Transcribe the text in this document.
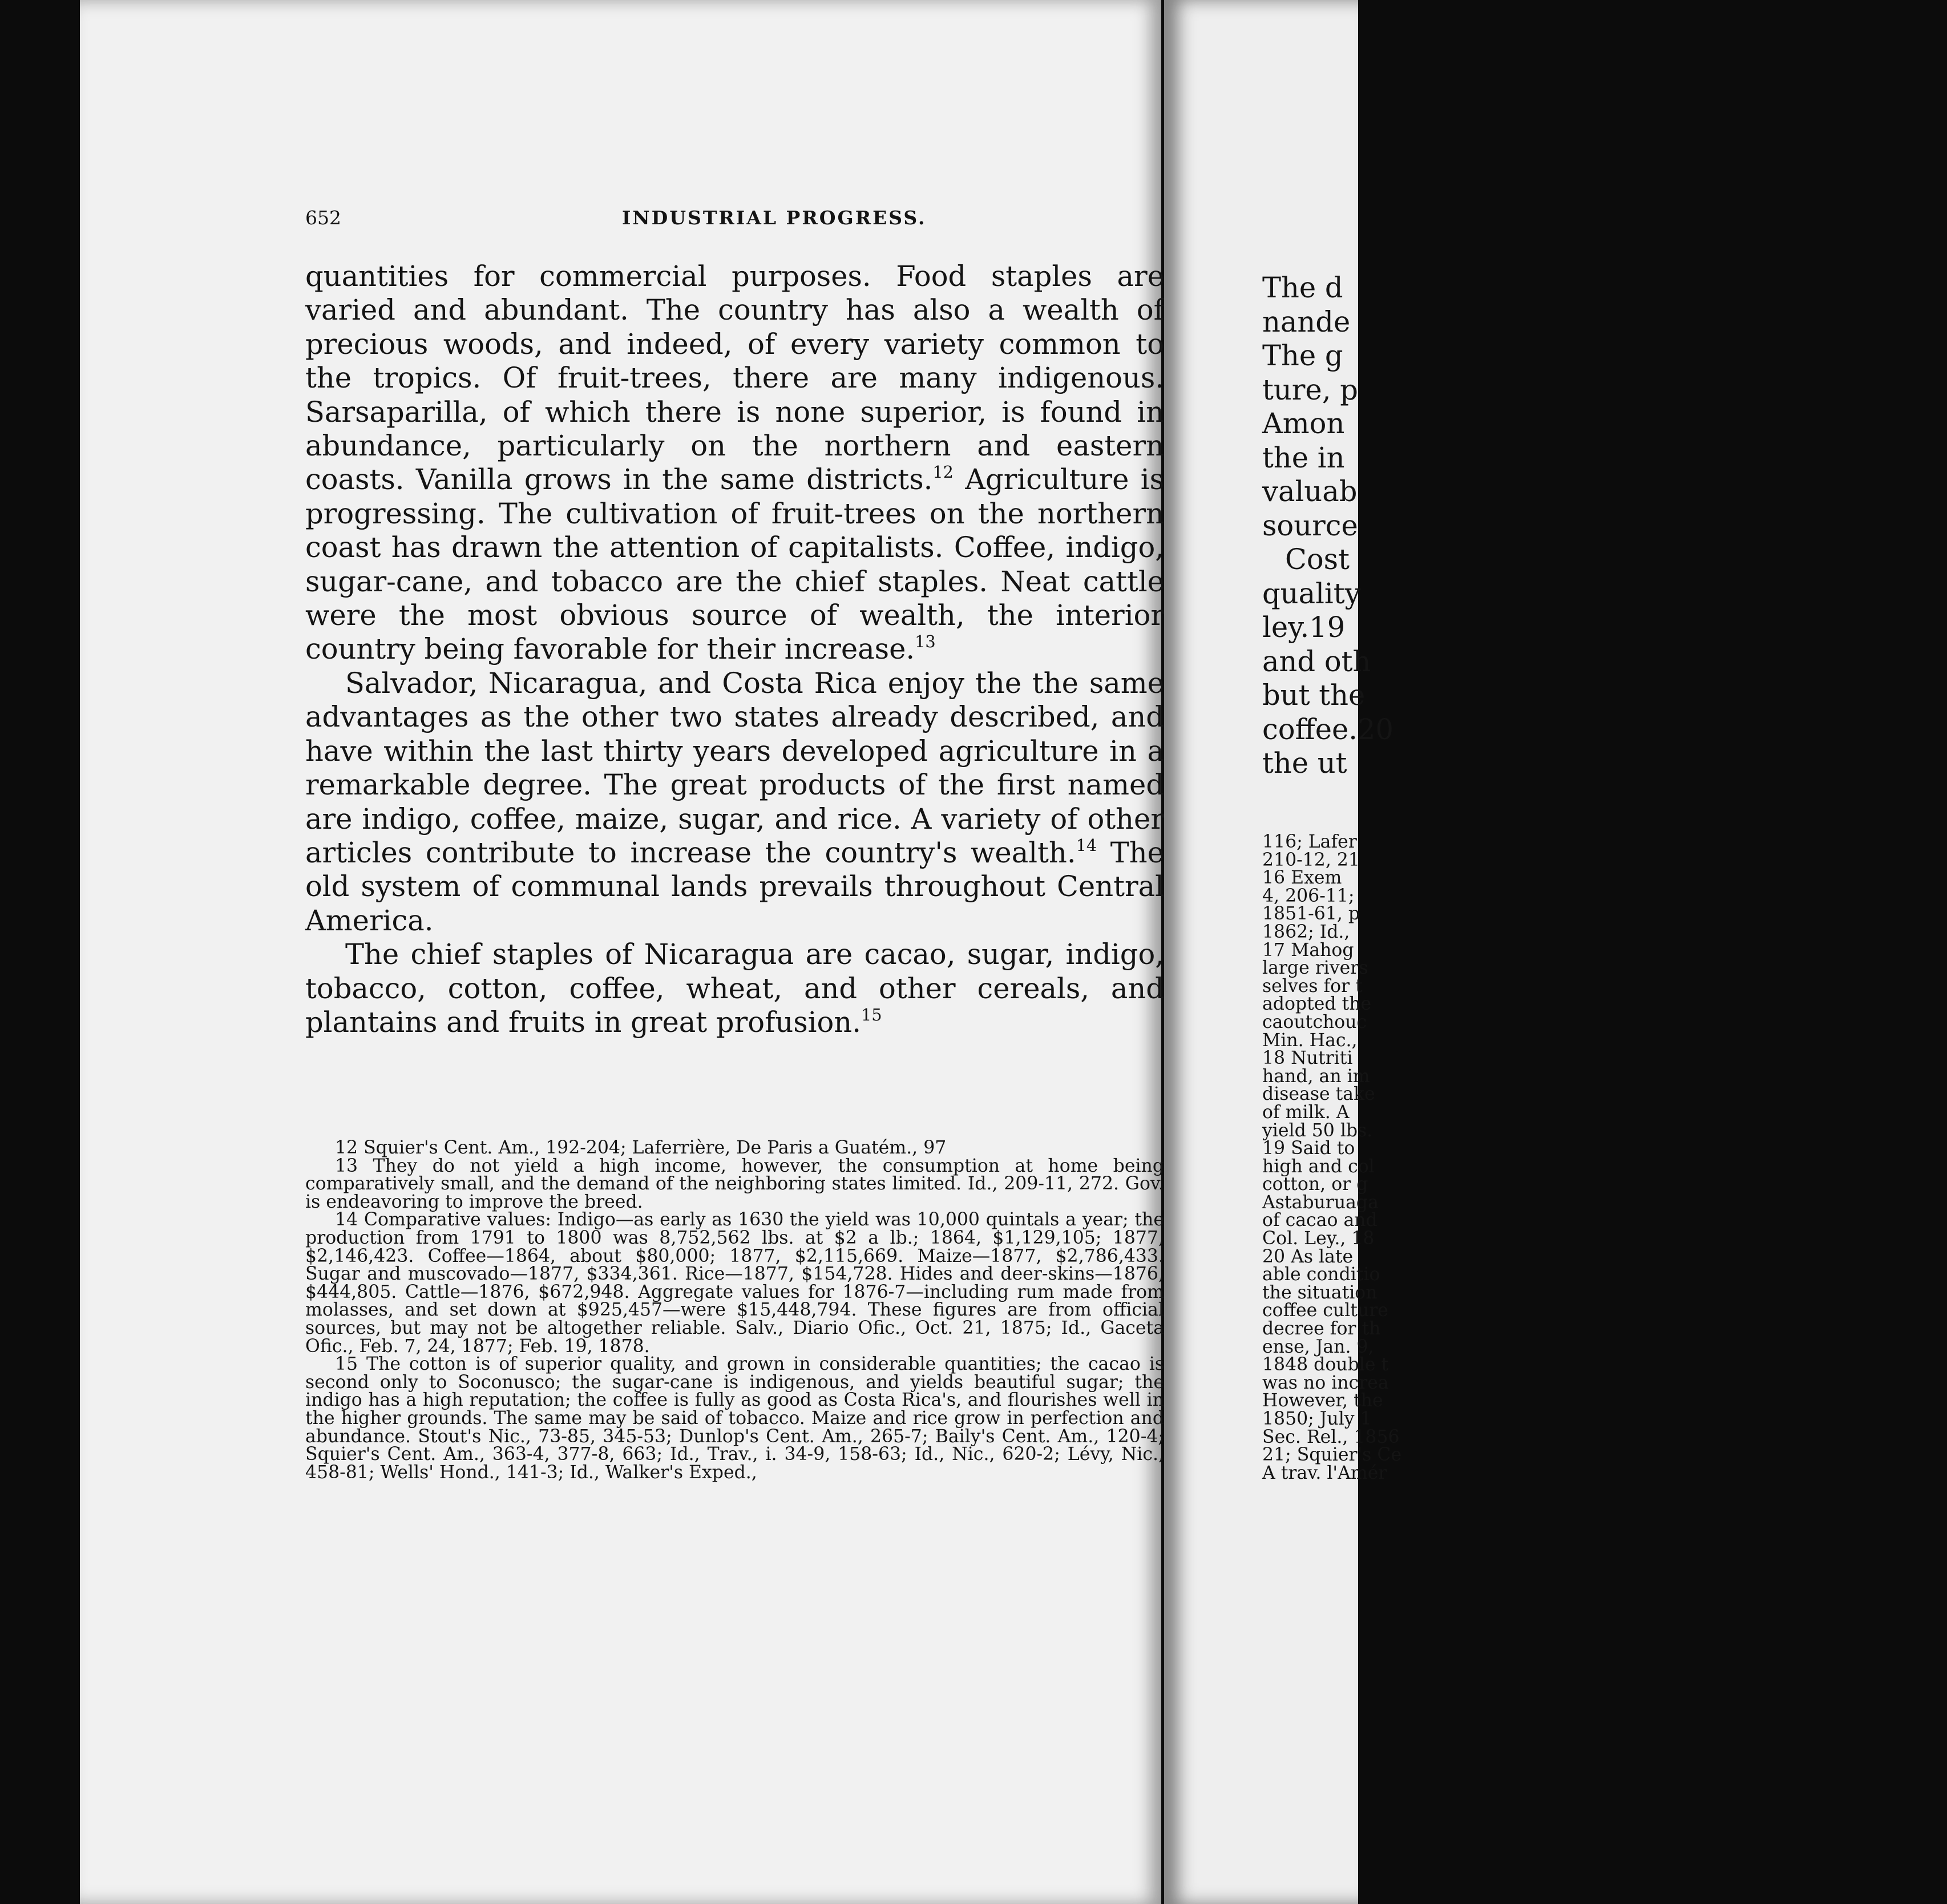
652	INDUSTRIAL PROGRESS.

quantities for commercial purposes. Food staples are varied and abundant. The country has also a wealth of precious woods, and indeed, of every variety common to the tropics. Of fruit-trees, there are many indigenous. Sarsaparilla, of which there is none superior, is found in abundance, particularly on the northern and eastern coasts. Vanilla grows in the same districts.$^{12}$ Agriculture is progressing. The cultivation of fruit-trees on the northern coast has drawn the attention of capitalists. Coffee, indigo, sugar-cane, and tobacco are the chief staples. Neat cattle were the most obvious source of wealth, the interior country being favorable for their increase.$^{13}$

Salvador, Nicaragua, and Costa Rica enjoy the the same advantages as the other two states already described, and have within the last thirty years developed agriculture in a remarkable degree. The great products of the first named are indigo, coffee, maize, sugar, and rice. A variety of other articles contribute to increase the country's wealth.$^{14}$ The old system of communal lands prevails throughout Central America.

The chief staples of Nicaragua are cacao, sugar, indigo, tobacco, cotton, coffee, wheat, and other cereals, and plantains and fruits in great profusion.$^{15}$

12 Squier's Cent. Am., 192-204; Laferrière, De Paris a Guatém., 97

13 They do not yield a high income, however, the consumption at home being comparatively small, and the demand of the neighboring states limited. Id., 209-11, 272. Gov. is endeavoring to improve the breed.

14 Comparative values: Indigo—as early as 1630 the yield was 10,000 quintals a year; the production from 1791 to 1800 was 8,752,562 lbs. at $2 a lb.; 1864, $1,129,105; 1877, $2,146,423. Coffee—1864, about $80,000; 1877, $2,115,669. Maize—1877, $2,786,433. Sugar and muscovado—1877, $334,361. Rice—1877, $154,728. Hides and deer-skins—1876, $444,805. Cattle—1876, $672,948. Aggregate values for 1876-7—including rum made from molasses, and set down at $925,457—were $15,448,794. These figures are from official sources, but may not be altogether reliable. Salv., Diario Ofic., Oct. 21, 1875; Id., Gaceta Ofic., Feb. 7, 24, 1877; Feb. 19, 1878.

15 The cotton is of superior quality, and grown in considerable quantities; the cacao is second only to Soconusco; the sugar-cane is indigenous, and yields beautiful sugar; the indigo has a high reputation; the coffee is fully as good as Costa Rica's, and flourishes well in the higher grounds. The same may be said of tobacco. Maize and rice grow in perfection and abundance. Stout's Nic., 73-85, 345-53; Dunlop's Cent. Am., 265-7; Baily's Cent. Am., 120-4; Squier's Cent. Am., 363-4, 377-8, 663; Id., Trav., i. 34-9, 158-63; Id., Nic., 620-2; Lévy, Nic., 458-81; Wells' Hond., 141-3; Id., Walker's Exped.,

The d
nande
The g
ture, p
Amon
the in
valuab
source
Cost
quality
ley.19
and oth
but the
coffee.20
the ut
116; Lafer
210-12, 21
16 Exem
4, 206-11;
1851-61, p
1862; Id.,
17 Mahog
large rivers
selves for t
adopted the
caoutchouc
Min. Hac.,
18 Nutriti
hand, an im
disease take
of milk. A
yield 50 lbs.
19 Said to
high and col
cotton, or g
Astaburuaga
of cacao and
Col. Ley., 18
20 As late
able conditio
the situation
coffee culture
decree for th
ense, Jan. 9,
1848 double t
was no increa
However, the
1850; July 1
Sec. Rel., 1856
21; Squier's Ce
A trav. l'Amér
